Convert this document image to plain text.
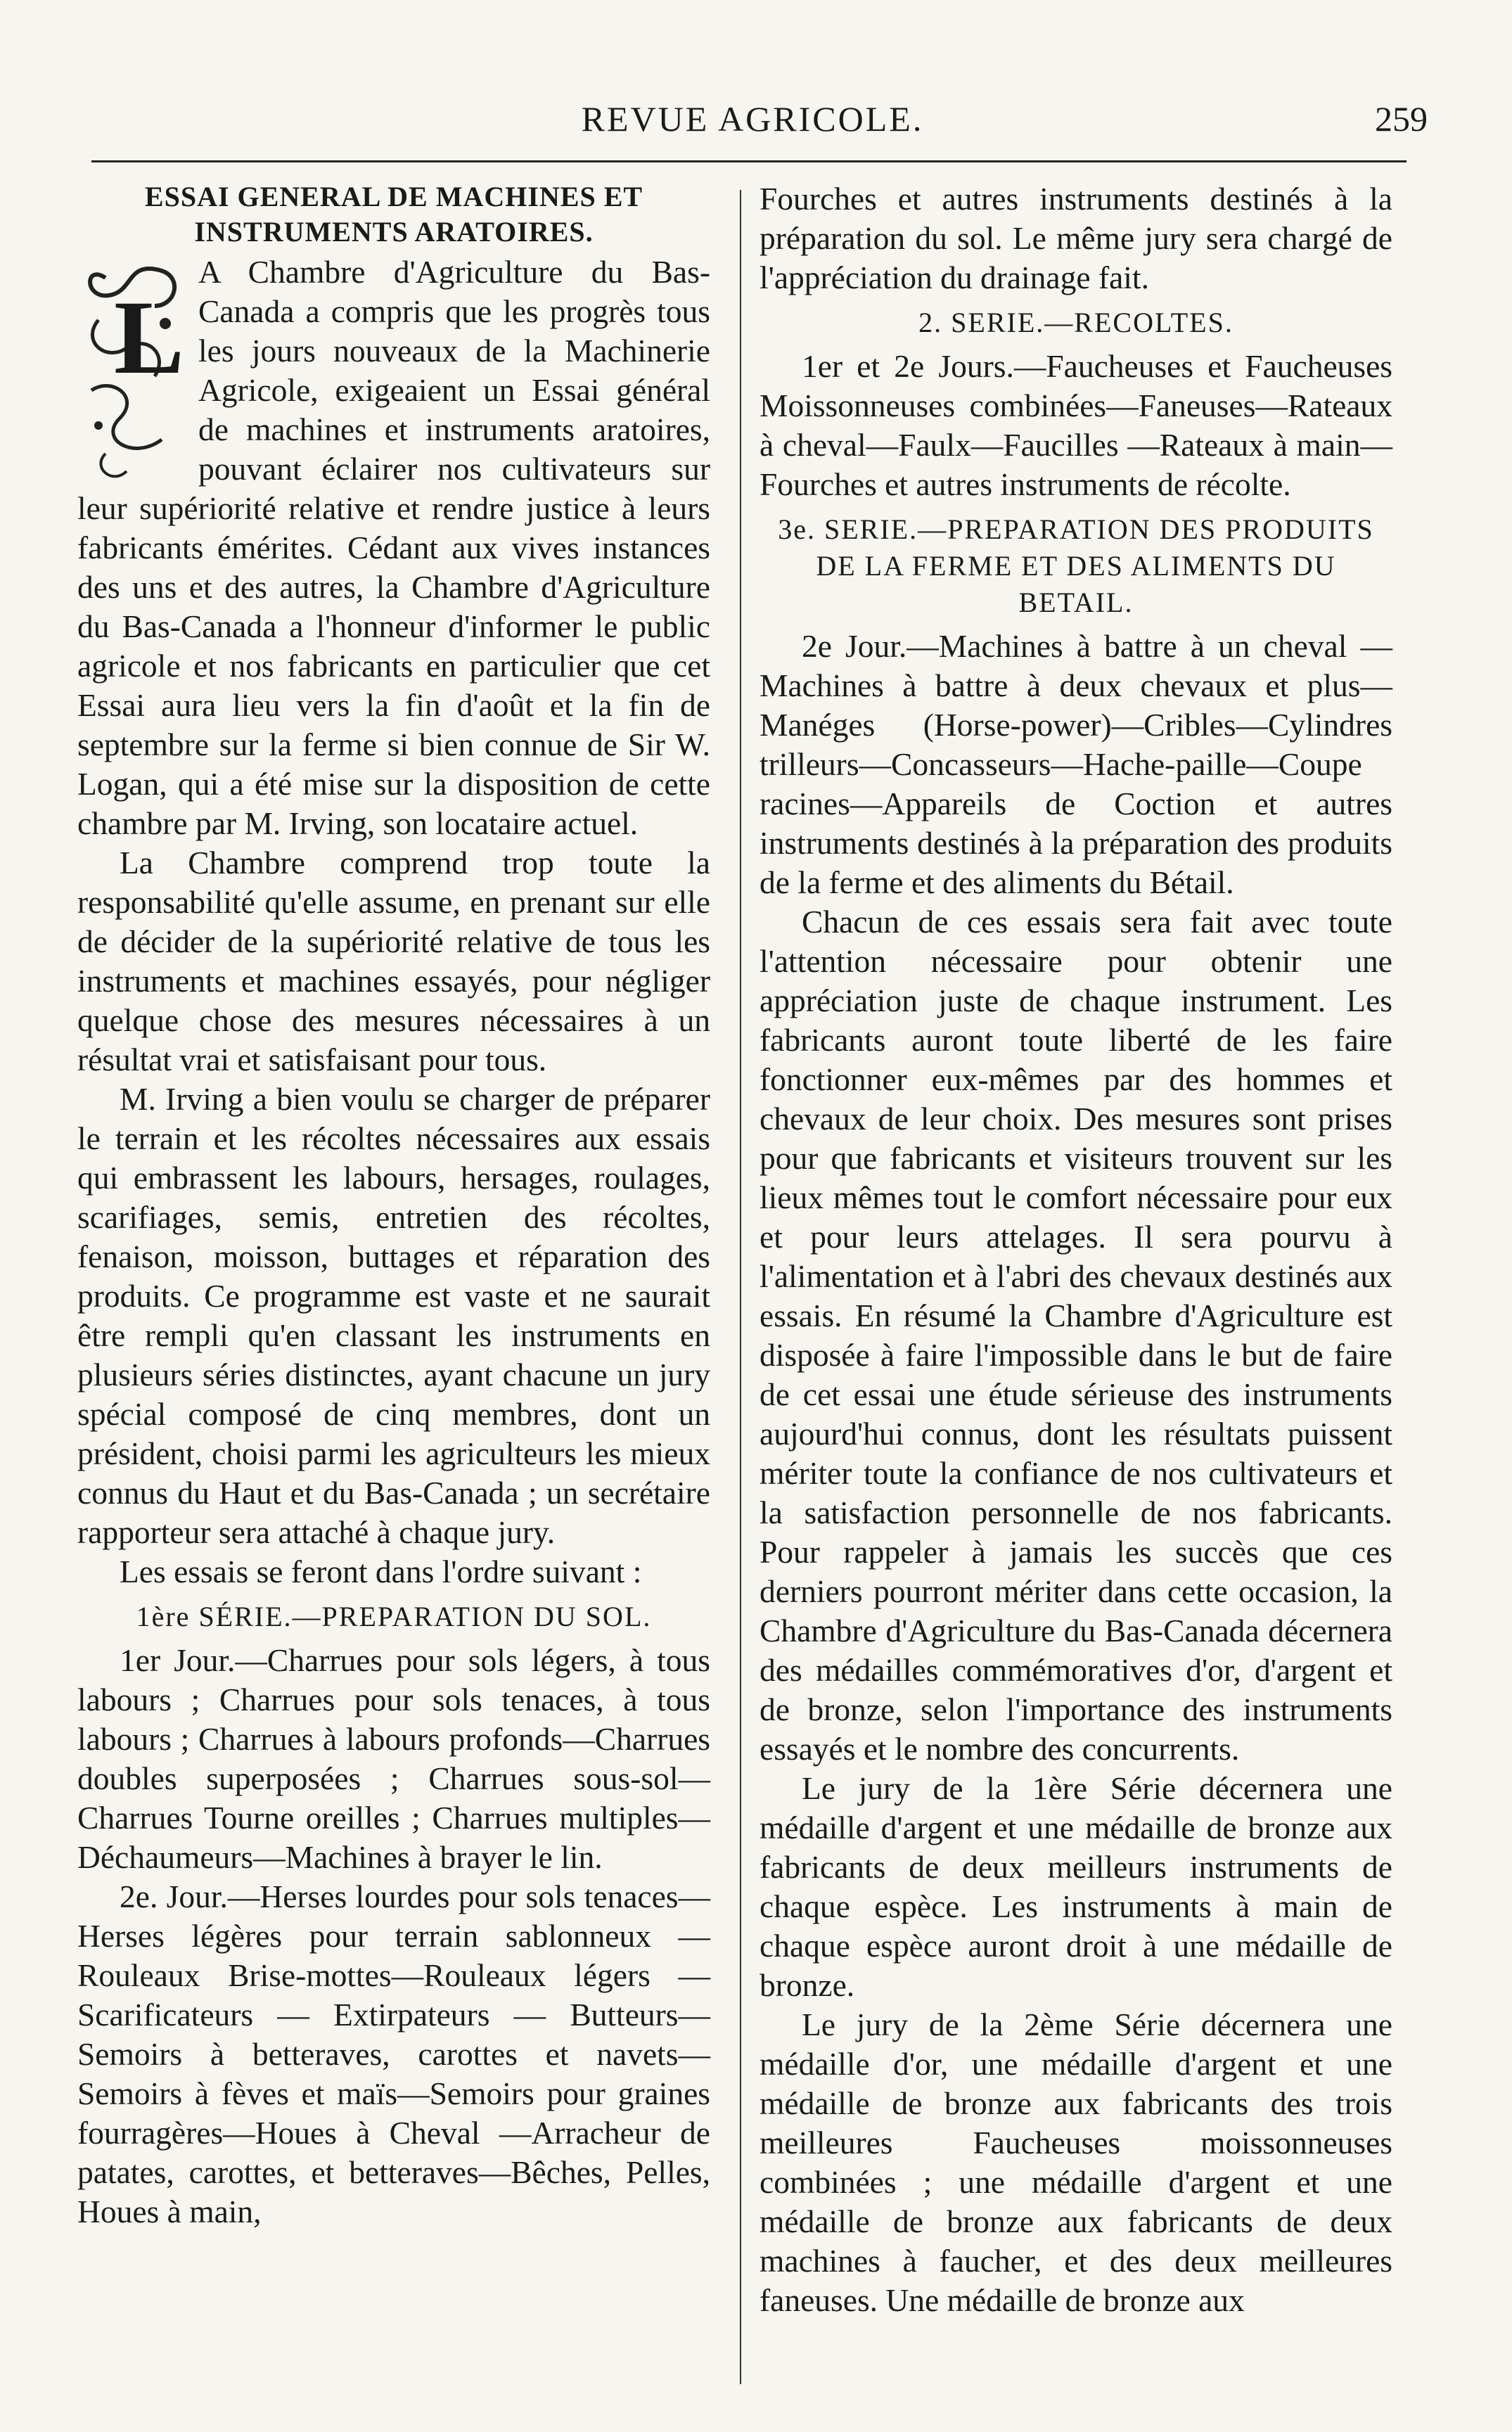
REVUE AGRICOLE.	259
ESSAI GENERAL DE MACHINES ET INSTRUMENTS ARATOIRES.
L

A Chambre d'Agriculture du Bas-Canada a compris que les progrès tous les jours nouveaux de la Machinerie Agricole, exigeaient un Essai général de machines et instruments aratoires, pouvant éclairer nos cultivateurs sur leur supériorité relative et rendre justice à leurs fabricants émérites. Cédant aux vives instances des uns et des autres, la Chambre d'Agriculture du Bas-Canada a l'honneur d'informer le public agricole et nos fabricants en particulier que cet Essai aura lieu vers la fin d'août et la fin de septembre sur la ferme si bien connue de Sir W. Logan, qui a été mise sur la disposition de cette chambre par M. Irving, son locataire actuel.

La Chambre comprend trop toute la responsabilité qu'elle assume, en prenant sur elle de décider de la supériorité relative de tous les instruments et machines essayés, pour négliger quelque chose des mesures nécessaires à un résultat vrai et satisfaisant pour tous.

M. Irving a bien voulu se charger de préparer le terrain et les récoltes nécessaires aux essais qui embrassent les labours, hersages, roulages, scarifiages, semis, entretien des récoltes, fenaison, moisson, buttages et réparation des produits. Ce programme est vaste et ne saurait être rempli qu'en classant les instruments en plusieurs séries distinctes, ayant chacune un jury spécial composé de cinq membres, dont un président, choisi parmi les agriculteurs les mieux connus du Haut et du Bas-Canada ; un secrétaire rapporteur sera attaché à chaque jury.

Les essais se feront dans l'ordre suivant :

1ère SÉRIE.—PREPARATION DU SOL.

1er Jour.—Charrues pour sols légers, à tous labours ; Charrues pour sols tenaces, à tous labours ; Charrues à labours profonds—Charrues doubles superposées ; Charrues sous-sol—Charrues Tourne oreilles ; Charrues multiples—Déchaumeurs—Machines à brayer le lin.

2e. Jour.—Herses lourdes pour sols tenaces—Herses légères pour terrain sablonneux — Rouleaux Brise-mottes—Rouleaux légers — Scarificateurs — Extirpateurs — Butteurs—Semoirs à betteraves, carottes et navets—Semoirs à fèves et maïs—Semoirs pour graines fourragères—Houes à Cheval —Arracheur de patates, carottes, et betteraves—Bêches, Pelles, Houes à main,

Fourches et autres instruments destinés à la préparation du sol. Le même jury sera chargé de l'appréciation du drainage fait.

2. SERIE.—RECOLTES.

1er et 2e Jours.—Faucheuses et Faucheuses Moissonneuses combinées—Faneuses—Rateaux à cheval—Faulx—Faucilles —Rateaux à main—Fourches et autres instruments de récolte.

3e. SERIE.—PREPARATION DES PRODUITS DE LA FERME ET DES ALIMENTS DU BETAIL.

2e Jour.—Machines à battre à un cheval —Machines à battre à deux chevaux et plus—Manéges (Horse-power)—Cribles—Cylindres trilleurs—Concasseurs—Hache-paille—Coupe racines—Appareils de Coction et autres instruments destinés à la préparation des produits de la ferme et des aliments du Bétail.

Chacun de ces essais sera fait avec toute l'attention nécessaire pour obtenir une appréciation juste de chaque instrument. Les fabricants auront toute liberté de les faire fonctionner eux-mêmes par des hommes et chevaux de leur choix. Des mesures sont prises pour que fabricants et visiteurs trouvent sur les lieux mêmes tout le comfort nécessaire pour eux et pour leurs attelages. Il sera pourvu à l'alimentation et à l'abri des chevaux destinés aux essais. En résumé la Chambre d'Agriculture est disposée à faire l'impossible dans le but de faire de cet essai une étude sérieuse des instruments aujourd'hui connus, dont les résultats puissent mériter toute la confiance de nos cultivateurs et la satisfaction personnelle de nos fabricants. Pour rappeler à jamais les succès que ces derniers pourront mériter dans cette occasion, la Chambre d'Agriculture du Bas-Canada décernera des médailles commémoratives d'or, d'argent et de bronze, selon l'importance des instruments essayés et le nombre des concurrents.

Le jury de la 1ère Série décernera une médaille d'argent et une médaille de bronze aux fabricants de deux meilleurs instruments de chaque espèce. Les instruments à main de chaque espèce auront droit à une médaille de bronze.

Le jury de la 2ème Série décernera une médaille d'or, une médaille d'argent et une médaille de bronze aux fabricants des trois meilleures Faucheuses moissonneuses combinées ; une médaille d'argent et une médaille de bronze aux fabricants de deux machines à faucher, et des deux meilleures faneuses. Une médaille de bronze aux
